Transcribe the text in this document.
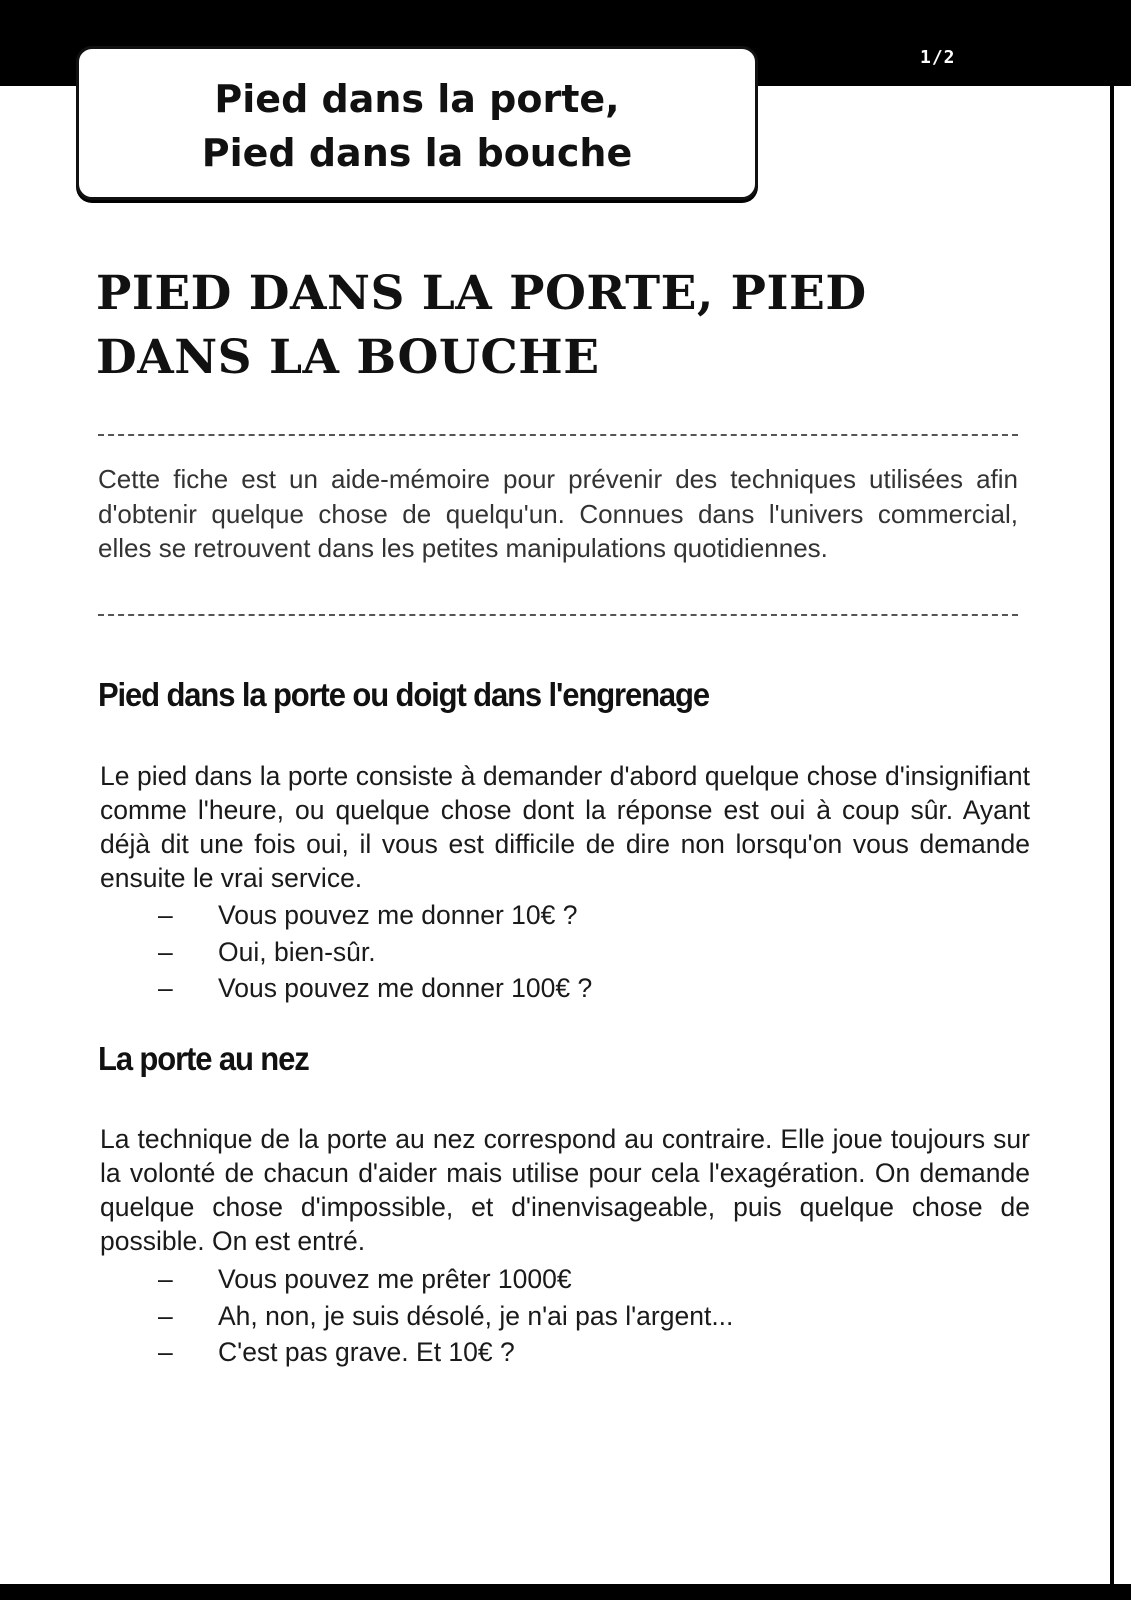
1/2
Pied dans la porte,
Pied dans la bouche
PIED DANS LA PORTE, PIED
DANS LA BOUCHE

Cette fiche est un aide-mémoire pour prévenir des techniques utilisées afin d'obtenir quelque chose de quelqu'un. Connues dans l'univers commercial, elles se retrouvent dans les petites manipulations quotidiennes.

Pied dans la porte ou doigt dans l'engrenage

Le pied dans la porte consiste à demander d'abord quelque chose d'insignifiant comme l'heure, ou quelque chose dont la réponse est oui à coup sûr. Ayant déjà dit une fois oui, il vous est difficile de dire non lorsqu'on vous demande ensuite le vrai service.

– Vous pouvez me donner 10€ ?
– Oui, bien-sûr.
– Vous pouvez me donner 100€ ?
La porte au nez

La technique de la porte au nez correspond au contraire. Elle joue toujours sur la volonté de chacun d'aider mais utilise pour cela l'exagération. On demande quelque chose d'impossible, et d'inenvisageable, puis quelque chose de possible. On est entré.

– Vous pouvez me prêter 1000€
– Ah, non, je suis désolé, je n'ai pas l'argent...
– C'est pas grave. Et 10€ ?
